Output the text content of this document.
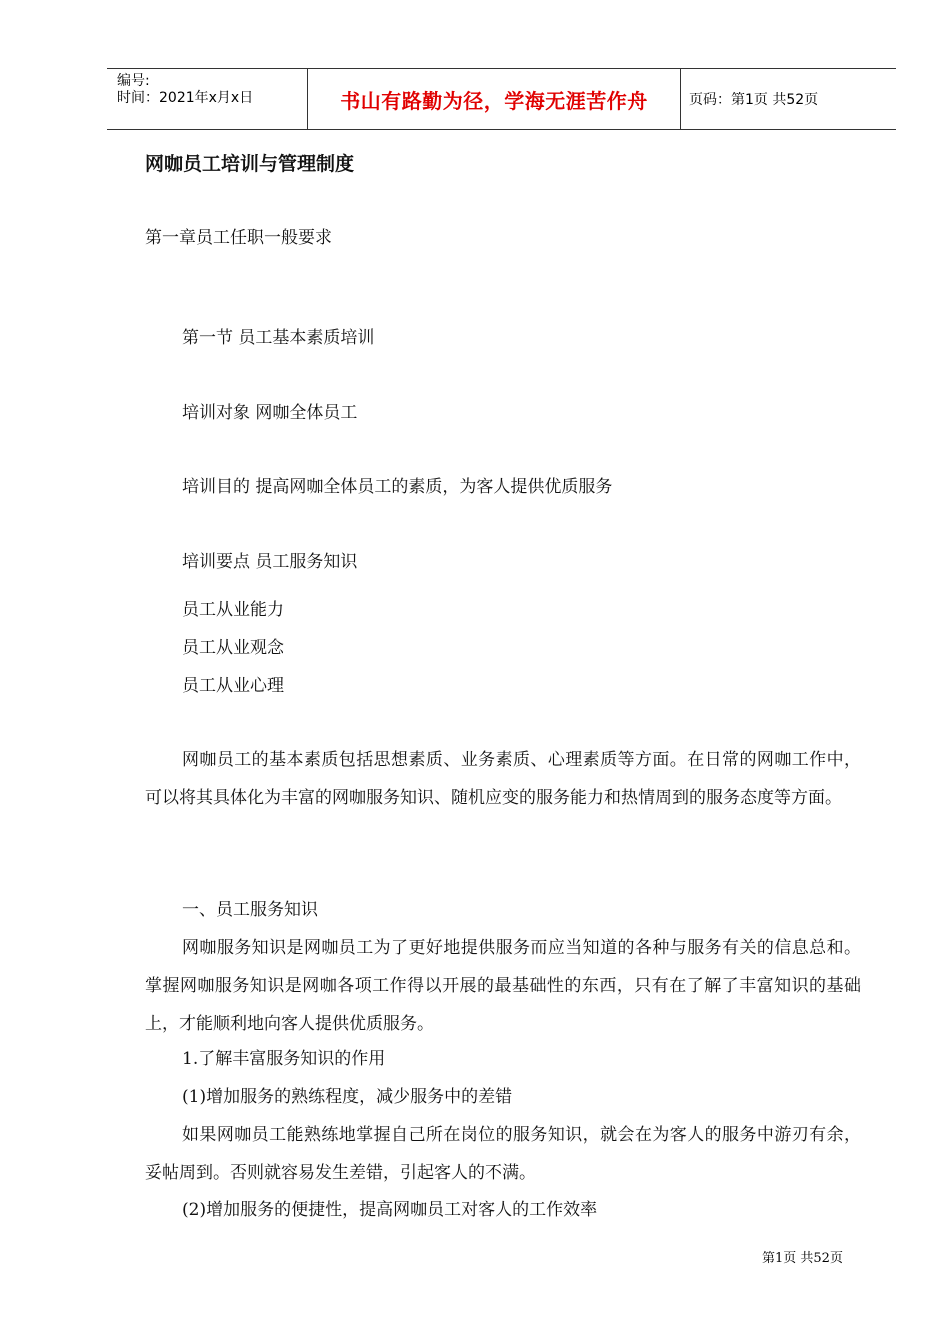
编号:
时间：2021年x月x日	书山有路勤为径，学海无涯苦作舟	页码：第1页 共52页

网咖员工培训与管理制度

第一章员工任职一般要求

第一节 员工基本素质培训

培训对象 网咖全体员工

培训目的 提高网咖全体员工的素质，为客人提供优质服务

培训要点 员工服务知识

员工从业能力

员工从业观念

员工从业心理

网咖员工的基本素质包括思想素质、业务素质、心理素质等方面。在日常的网咖工作中，可以将其具体化为丰富的网咖服务知识、随机应变的服务能力和热情周到的服务态度等方面。

一、员工服务知识

网咖服务知识是网咖员工为了更好地提供服务而应当知道的各种与服务有关的信息总和。掌握网咖服务知识是网咖各项工作得以开展的最基础性的东西，只有在了解了丰富知识的基础上，才能顺利地向客人提供优质服务。

1.了解丰富服务知识的作用

(1)增加服务的熟练程度，减少服务中的差错

如果网咖员工能熟练地掌握自己所在岗位的服务知识，就会在为客人的服务中游刃有余，妥帖周到。否则就容易发生差错，引起客人的不满。

(2)增加服务的便捷性，提高网咖员工对客人的工作效率

第1页 共52页
